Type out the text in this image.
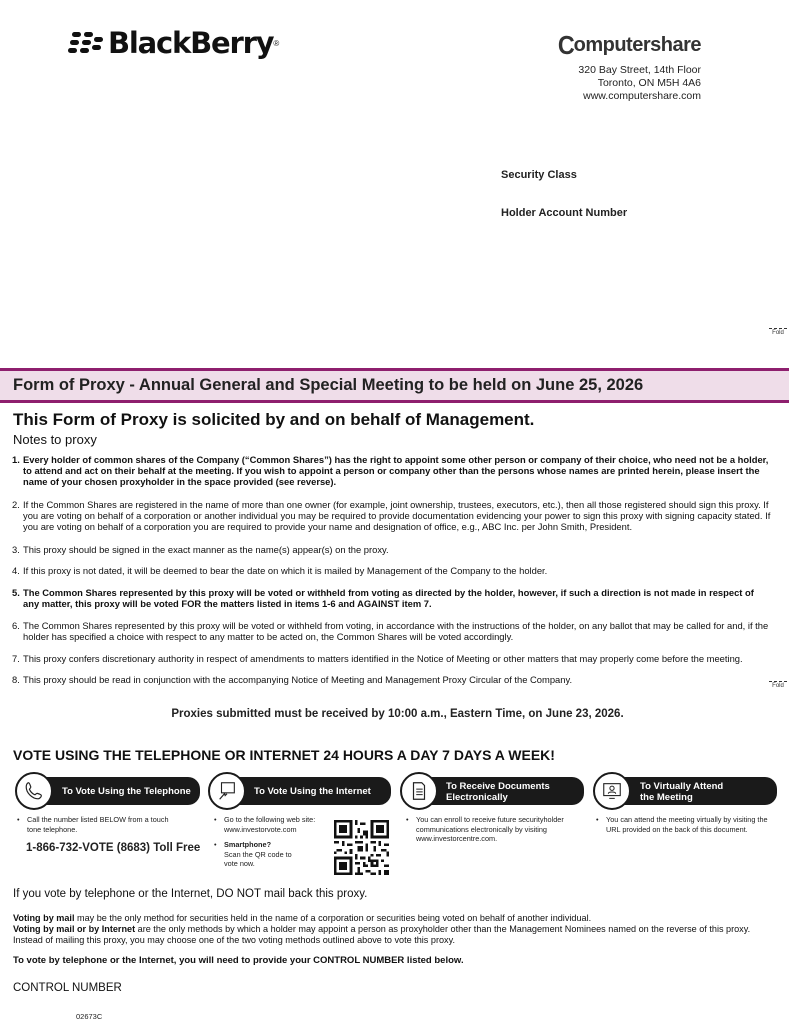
BlackBerry ®	C
omputershare
320 Bay Street, 14th Floor
Toronto, ON M5H 4A6
www.computershare.com
Security Class
Holder Account Number
Fold
Form of Proxy - Annual General and Special Meeting to be held on June 25, 2026
This Form of Proxy is solicited by and on behalf of Management.
Notes to proxy
1. Every holder of common shares of the Company (“Common Shares”) has the right to appoint some other person or company of their choice, who need not be a holder, to attend and act on their behalf at the meeting. If you wish to appoint a person or company other than the persons whose names are printed herein, please insert the name of your chosen proxyholder in the space provided (see reverse).
2. If the Common Shares are registered in the name of more than one owner (for example, joint ownership, trustees, executors, etc.), then all those registered should sign this proxy. If you are voting on behalf of a corporation or another individual you may be required to provide documentation evidencing your power to sign this proxy with signing capacity stated. If you are voting on behalf of a corporation you are required to provide your name and designation of office, e.g., ABC Inc. per John Smith, President.
3. This proxy should be signed in the exact manner as the name(s) appear(s) on the proxy.
4. If this proxy is not dated, it will be deemed to bear the date on which it is mailed by Management of the Company to the holder.
5. The Common Shares represented by this proxy will be voted or withheld from voting as directed by the holder, however, if such a direction is not made in respect of any matter, this proxy will be voted FOR the matters listed in items 1-6 and AGAINST item 7.
6. The Common Shares represented by this proxy will be voted or withheld from voting, in accordance with the instructions of the holder, on any ballot that may be called for and, if the holder has specified a choice with respect to any matter to be acted on, the Common Shares will be voted accordingly.
7. This proxy confers discretionary authority in respect of amendments to matters identified in the Notice of Meeting or other matters that may properly come before the meeting.
8. This proxy should be read in conjunction with the accompanying Notice of Meeting and Management Proxy Circular of the Company.
Fold
Proxies submitted must be received by 10:00 a.m., Eastern Time, on June 23, 2026.
VOTE USING THE TELEPHONE OR INTERNET 24 HOURS A DAY 7 DAYS A WEEK!
To Vote Using the Telephone	To Vote Using the Internet	To Receive Documents
Electronically
To Virtually Attend
the Meeting
• Call the number listed BELOW from a touch tone telephone.
1-866-732-VOTE (8683) Toll Free
• Go to the following web site: www.investorvote.com
• Smartphone?
Scan the QR code to vote now.
• You can enroll to receive future securityholder communications electronically by visiting www.investorcentre.com.
• You can attend the meeting virtually by visiting the URL provided on the back of this document.
If you vote by telephone or the Internet, DO NOT mail back this proxy.
Voting by mail may be the only method for securities held in the name of a corporation or securities being voted on behalf of another individual.
Voting by mail or by Internet are the only methods by which a holder may appoint a person as proxyholder other than the Management Nominees named on the reverse of this proxy.
Instead of mailing this proxy, you may choose one of the two voting methods outlined above to vote this proxy.
To vote by telephone or the Internet, you will need to provide your CONTROL NUMBER listed below.
CONTROL NUMBER
02673C
